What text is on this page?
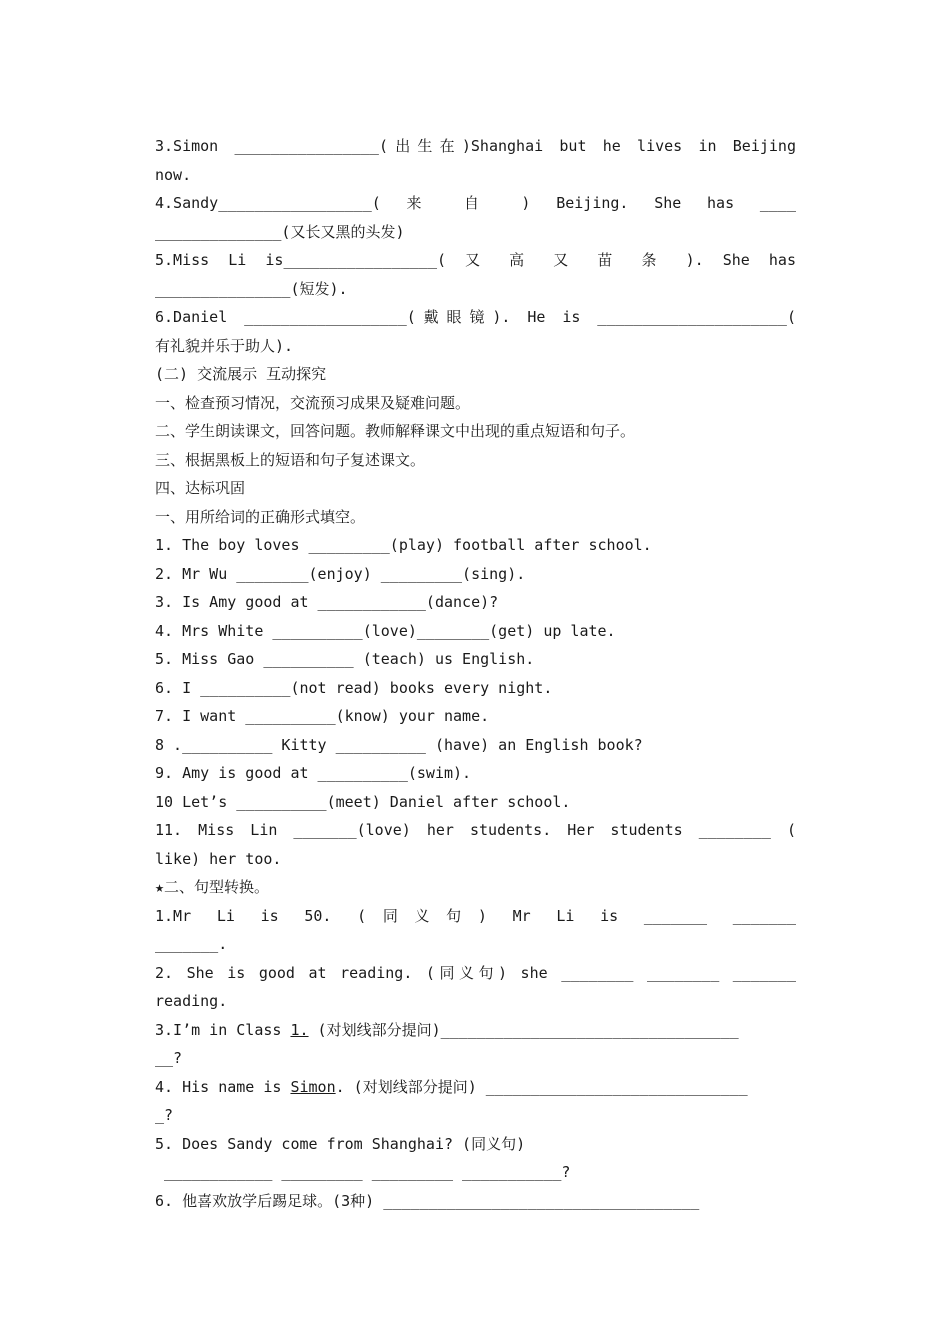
3.Simon ________________(出生在)Shanghai but he lives in Beijing
now.
4.Sandy_________________( 来 自 ) Beijing. She has ____
______________(又长又黑的头发)
5.Miss Li is_________________( 又 高 又 苗 条 ). She has
_______________(短发).
6.Daniel __________________(戴眼镜). He is _____________________(
有礼貌并乐于助人).
(二) 交流展示 互动探究
一、检查预习情况，交流预习成果及疑难问题。
二、学生朗读课文，回答问题。教师解释课文中出现的重点短语和句子。
三、根据黑板上的短语和句子复述课文。
四、达标巩固
一、用所给词的正确形式填空。
1. The boy loves _________(play) football after school.
2. Mr Wu ________(enjoy) _________(sing).
3. Is Amy good at ____________(dance)?
4. Mrs White __________(love)________(get) up late.
5. Miss Gao __________ (teach) us English.
6. I __________(not read) books every night.
7. I want __________(know) your name.
8 .__________ Kitty __________ (have) an English book?
9. Amy is good at __________(swim).
10 Let’s __________(meet) Daniel after school.
11. Miss Lin _______(love) her students. Her students ________ (
like) her too.
★二、句型转换。
1.Mr Li is 50. (同义句) Mr Li is _______ _______
_______.
2. She is good at reading. (同义句) she ________ ________ _______
reading.
3.I’m in Class 1. (对划线部分提问)_________________________________
__?
4. His name is Simon. (对划线部分提问) _____________________________
_?
5. Does Sandy come from Shanghai? (同义句)
____________ _________ _________ ___________?
6. 他喜欢放学后踢足球。(3种) ___________________________________
